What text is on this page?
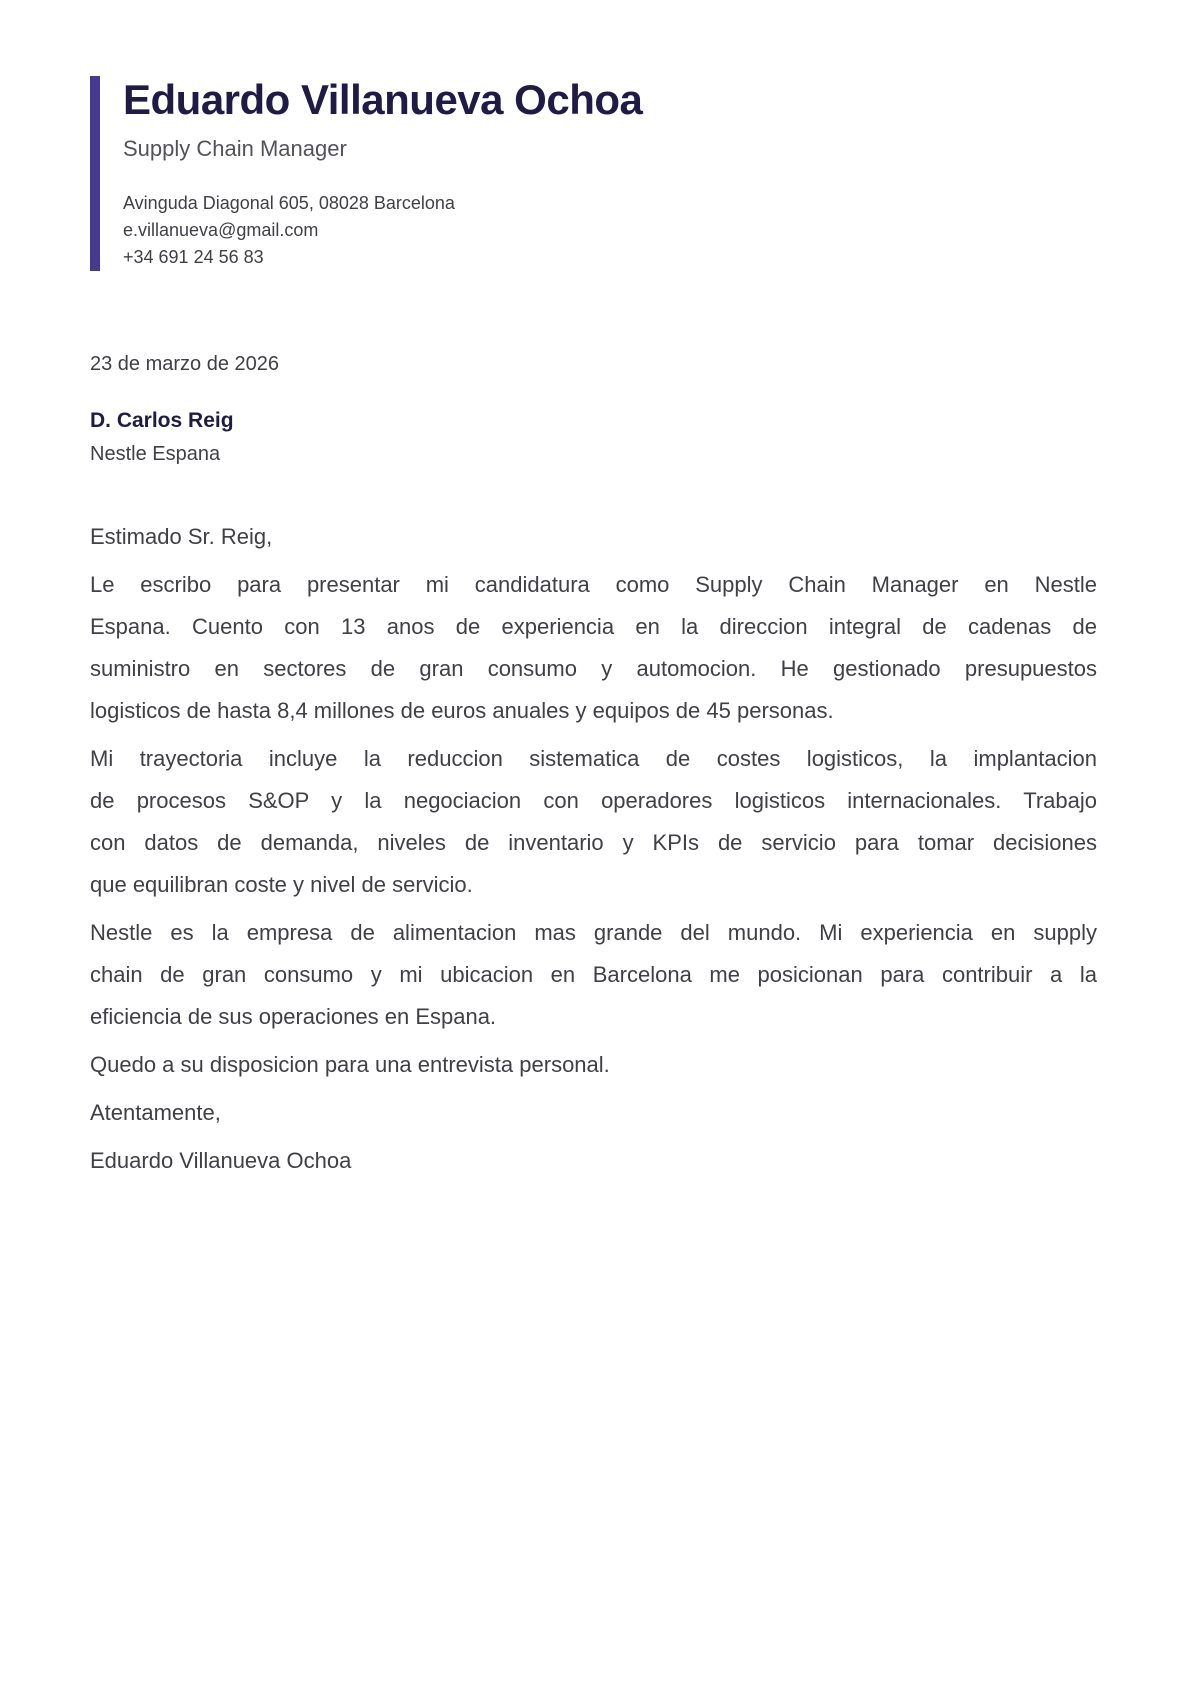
Eduardo Villanueva Ochoa
Supply Chain Manager
Avinguda Diagonal 605, 08028 Barcelona
e.villanueva@gmail.com
+34 691 24 56 83
23 de marzo de 2026
D. Carlos Reig
Nestle Espana

Estimado Sr. Reig,

Le escribo para presentar mi candidatura como Supply Chain Manager en Nestle
Espana. Cuento con 13 anos de experiencia en la direccion integral de cadenas de
suministro en sectores de gran consumo y automocion. He gestionado presupuestos
logisticos de hasta 8,4 millones de euros anuales y equipos de 45 personas.

Mi trayectoria incluye la reduccion sistematica de costes logisticos, la implantacion
de procesos S&OP y la negociacion con operadores logisticos internacionales. Trabajo
con datos de demanda, niveles de inventario y KPIs de servicio para tomar decisiones
que equilibran coste y nivel de servicio.

Nestle es la empresa de alimentacion mas grande del mundo. Mi experiencia en supply
chain de gran consumo y mi ubicacion en Barcelona me posicionan para contribuir a la
eficiencia de sus operaciones en Espana.

Quedo a su disposicion para una entrevista personal.

Atentamente,

Eduardo Villanueva Ochoa
